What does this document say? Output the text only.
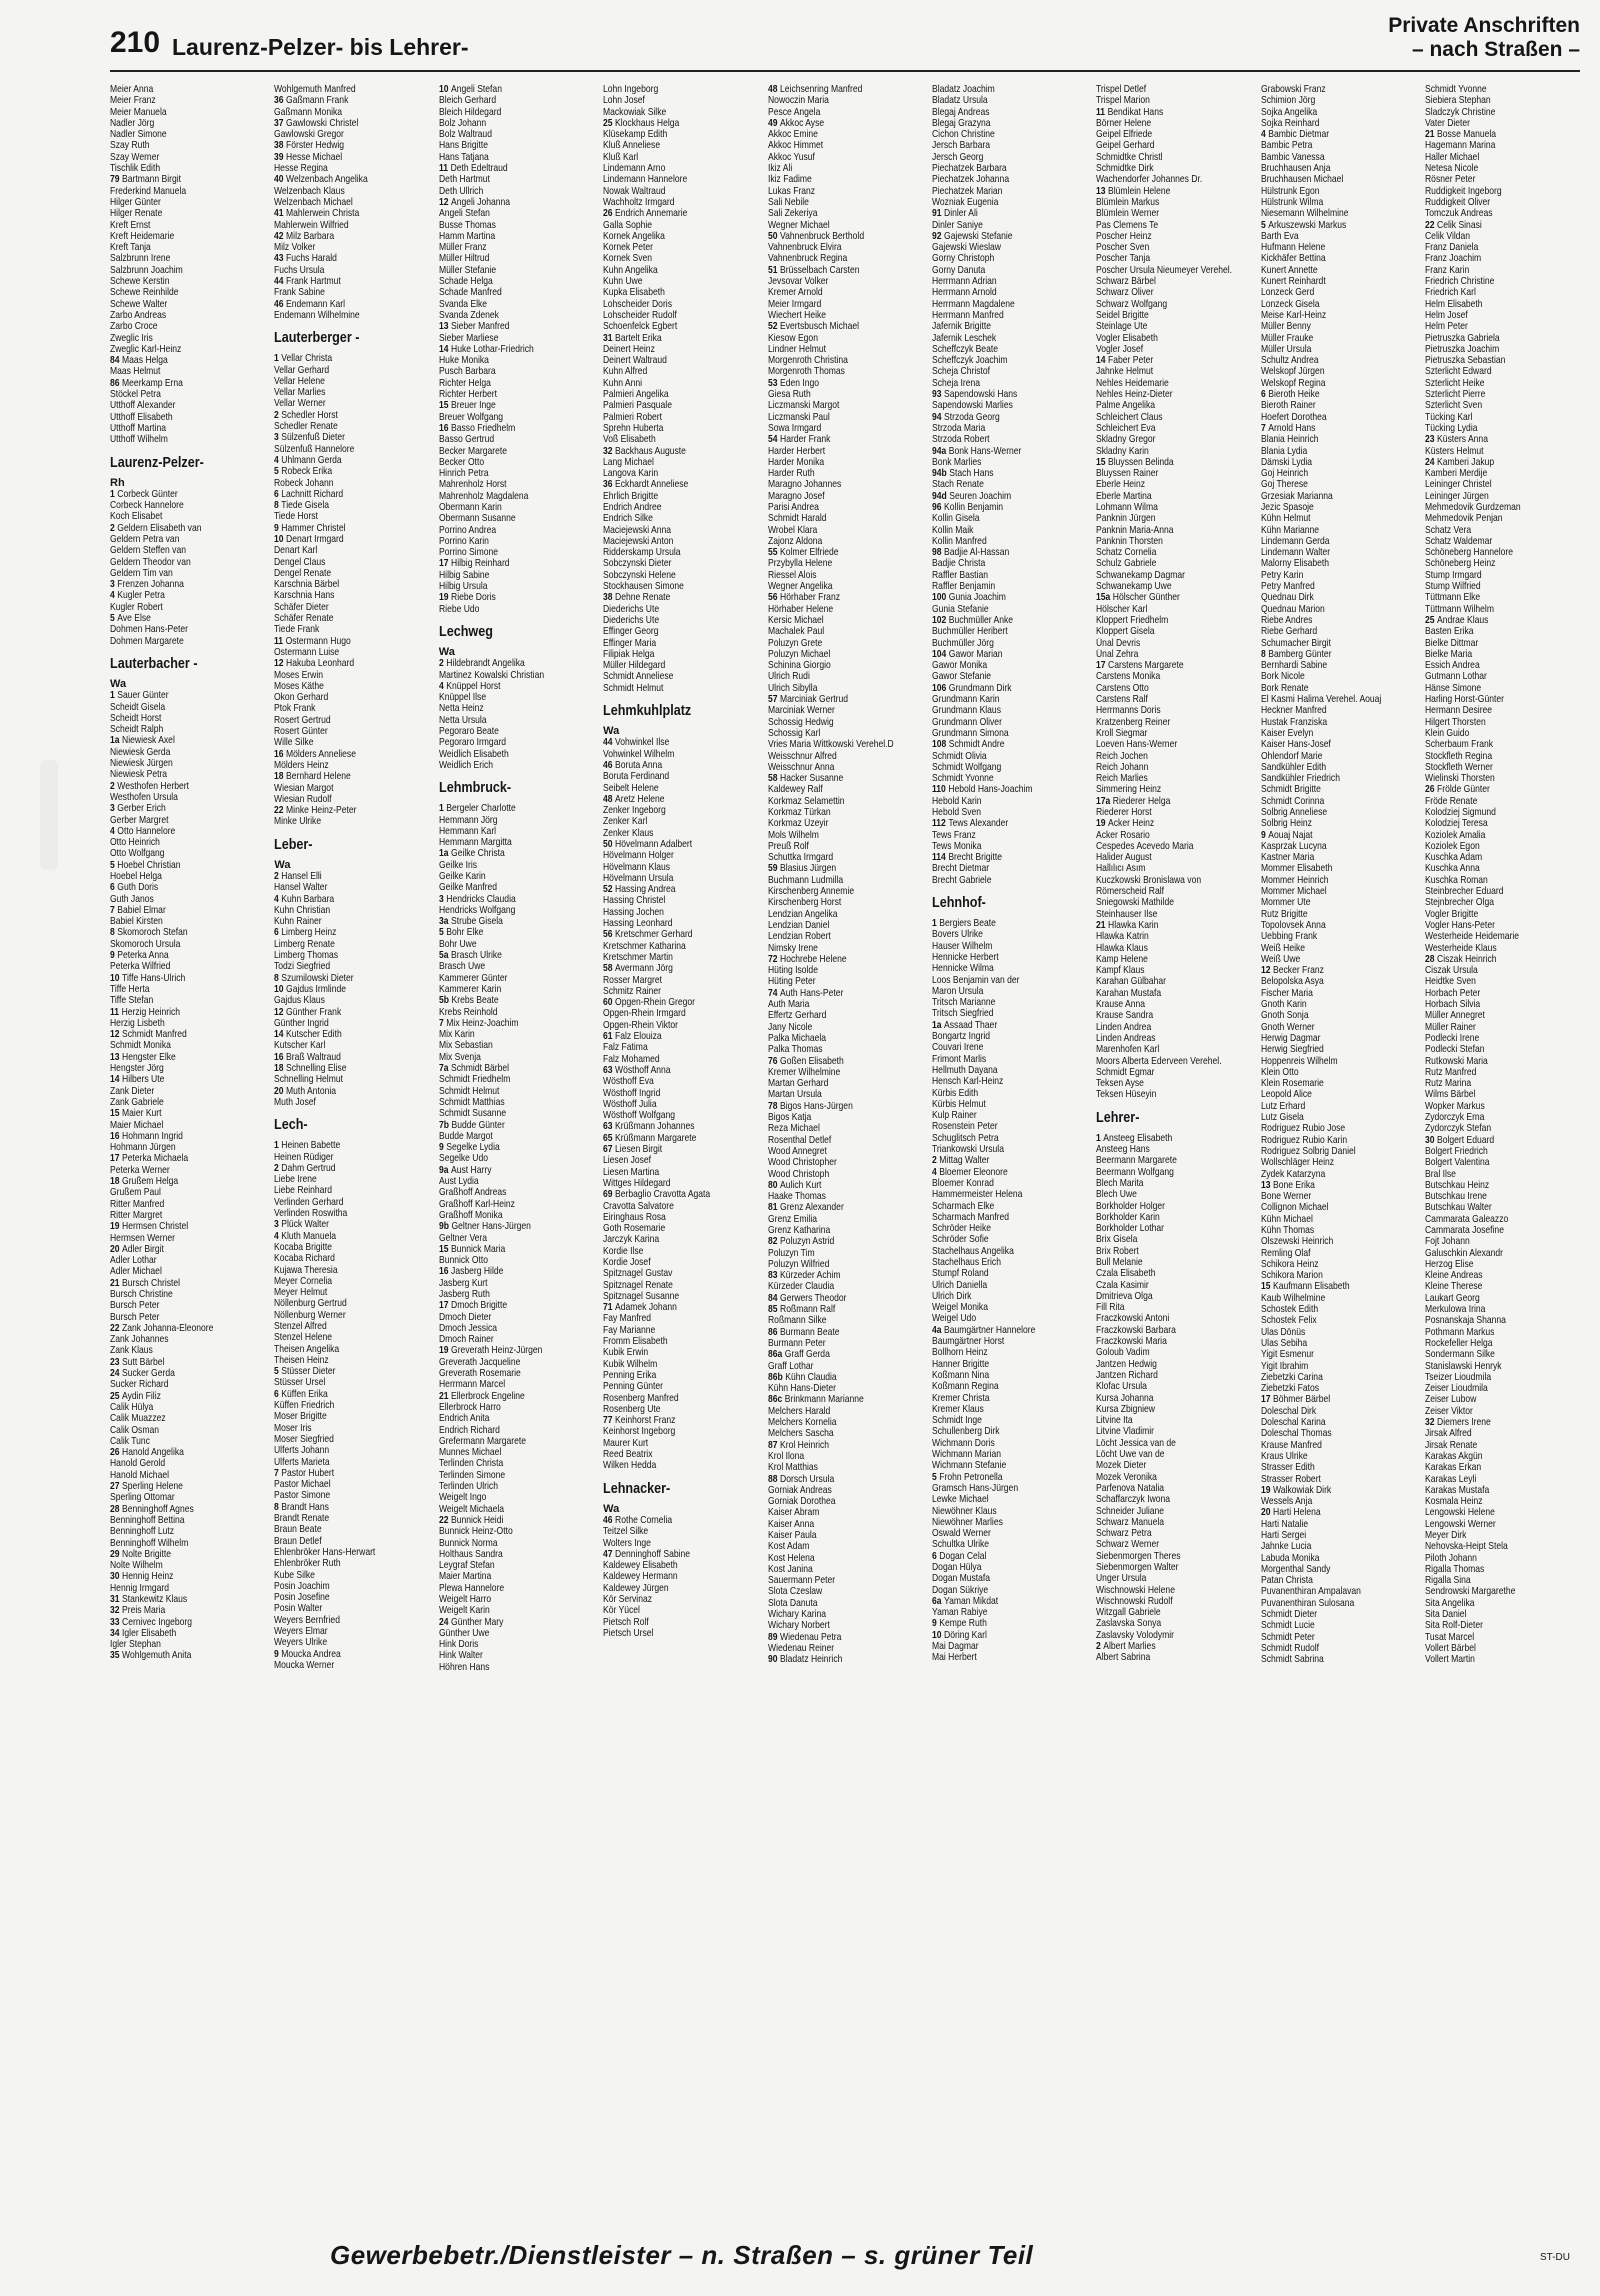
210 Laurenz-Pelzer- bis Lehrer-
Private Anschriften
– nach Straßen –
Meier Anna
Meier Franz
Meier Manuela
Nadler Jörg
Nadler Simone
Szay Ruth
Szay Werner
Tischlik Edith
79 Bartmann Birgit
Frederkind Manuela
Hilger Günter
Hilger Renate
Kreft Ernst
Kreft Heidemarie
Kreft Tanja
Salzbrunn Irene
Salzbrunn Joachim
Schewe Kerstin
Schewe Reinhilde
Schewe Walter
Zarbo Andreas
Zarbo Croce
Zweglic Iris
Zweglic Karl-Heinz
84 Maas Helga
Maas Helmut
86 Meerkamp Erna
Stöckel Petra
Utthoff Alexander
Utthoff Elisabeth
Utthoff Martina
Utthoff Wilhelm
Laurenz-Pelzer-
Rh
1 Corbeck Günter
Corbeck Hannelore
Koch Elisabet
2 Geldern Elisabeth van
Geldern Petra van
Geldern Steffen van
Geldern Theodor van
Geldern Tim van
3 Frenzen Johanna
4 Kugler Petra
Kugler Robert
5 Ave Else
Dohmen Hans-Peter
Dohmen Margarete
Lauterbacher -
Wa
1 Sauer Günter
Scheidt Gisela
Scheidt Horst
Scheidt Ralph
1a Niewiesk Axel
Niewiesk Gerda
Niewiesk Jürgen
Niewiesk Petra
2 Westhofen Herbert
Westhofen Ursula
3 Gerber Erich
Gerber Margret
4 Otto Hannelore
Otto Heinrich
Otto Wolfgang
5 Hoebel Christian
Hoebel Helga
6 Guth Doris
Guth Janos
7 Babiel Elmar
Babiel Kirsten
8 Skomoroch Stefan
Skomoroch Ursula
9 Peterka Anna
Peterka Wilfried
10 Tiffe Hans-Ulrich
Tiffe Herta
Tiffe Stefan
11 Herzig Heinrich
Herzig Lisbeth
12 Schmidt Manfred
Schmidt Monika
13 Hengster Elke
Hengster Jörg
14 Hilbers Ute
Zank Dieter
Zank Gabriele
15 Maier Kurt
Maier Michael
16 Hohmann Ingrid
Hohmann Jürgen
17 Peterka Michaela
Peterka Werner
18 Grußem Helga
Grußem Paul
Ritter Manfred
Ritter Margret
19 Hermsen Christel
Hermsen Werner
20 Adler Birgit
Adler Lothar
Adler Michael
21 Bursch Christel
Bursch Christine
Bursch Peter
Bursch Peter
22 Zank Johanna-Eleonore
Zank Johannes
Zank Klaus
23 Sutt Bärbel
24 Sucker Gerda
Sucker Richard
25 Aydin Filiz
Calik Hülya
Calik Muazzez
Calik Osman
Calik Tunc
26 Hanold Angelika
Hanold Gerold
Hanold Michael
27 Sperling Helene
Sperling Ottomar
28 Benninghoff Agnes
Benninghoff Bettina
Benninghoff Lutz
Benninghoff Wilhelm
29 Nolte Brigitte
Nolte Wilhelm
30 Hennig Heinz
Hennig Irmgard
31 Stankewitz Klaus
32 Preis Maria
33 Cernivec Ingeborg
34 Igler Elisabeth
Igler Stephan
35 Wohlgemuth Anita
Wohlgemuth Manfred
36 Gaßmann Frank
Gaßmann Monika
37 Gawlowski Christel
Gawlowski Gregor
38 Förster Hedwig
39 Hesse Michael
Hesse Regina
40 Welzenbach Angelika
Welzenbach Klaus
Welzenbach Michael
41 Mahlerwein Christa
Mahlerwein Wilfried
42 Milz Barbara
Milz Volker
43 Fuchs Harald
Fuchs Ursula
44 Frank Hartmut
Frank Sabine
46 Endemann Karl
Endemann Wilhelmine
Lauterberger -
1 Vellar Christa
Vellar Gerhard
Vellar Helene
Vellar Marlies
Vellar Werner
2 Schedler Horst
Schedler Renate
3 Sülzenfuß Dieter
Sülzenfuß Hannelore
4 Uhlmann Gerda
5 Robeck Erika
Robeck Johann
6 Lachnitt Richard
8 Tiede Gisela
Tiede Horst
9 Hammer Christel
10 Denart Irmgard
Denart Karl
Dengel Claus
Dengel Renate
Karschnia Bärbel
Karschnia Hans
Schäfer Dieter
Schäfer Renate
Tiede Frank
11 Ostermann Hugo
Ostermann Luise
12 Hakuba Leonhard
Moses Erwin
Moses Käthe
Okon Gerhard
Ptok Frank
Rosert Gertrud
Rosert Günter
Wille Silke
16 Mölders Anneliese
Mölders Heinz
18 Bernhard Helene
Wiesian Margot
Wiesian Rudolf
22 Minke Heinz-Peter
Minke Ulrike
Leber-
Wa
2 Hansel Elli
Hansel Walter
4 Kuhn Barbara
Kuhn Christian
Kuhn Rainer
6 Limberg Heinz
Limberg Renate
Limberg Thomas
Todzi Siegfried
8 Szumilowski Dieter
10 Gajdus Irmlinde
Gajdus Klaus
12 Günther Frank
Günther Ingrid
14 Kutscher Edith
Kutscher Karl
16 Braß Waltraud
18 Schnelling Elise
Schnelling Helmut
20 Muth Antonia
Muth Josef
Lech-
1 Heinen Babette
Heinen Rüdiger
2 Dahm Gertrud
Liebe Irene
Liebe Reinhard
Verlinden Gerhard
Verlinden Roswitha
3 Plück Walter
4 Kluth Manuela
Kocaba Brigitte
Kocaba Richard
Kujawa Theresia
Meyer Cornelia
Meyer Helmut
Nöllenburg Gertrud
Nöllenburg Werner
Stenzel Alfred
Stenzel Helene
Theisen Angelika
Theisen Heinz
5 Stüsser Dieter
Stüsser Ursel
6 Küffen Erika
Küffen Friedrich
Moser Brigitte
Moser Iris
Moser Siegfried
Ulferts Johann
Ulferts Marieta
7 Pastor Hubert
Pastor Michael
Pastor Simone
8 Brandt Hans
Brandt Renate
Braun Beate
Braun Detlef
Ehlenbröker Hans-Herwart
Ehlenbröker Ruth
Kube Silke
Posin Joachim
Posin Josefine
Posin Walter
Weyers Bernfried
Weyers Elmar
Weyers Ulrike
9 Moucka Andrea
Moucka Werner
10 Angeli Stefan
Bleich Gerhard
Bleich Hildegard
Bolz Johann
Bolz Waltraud
Hans Brigitte
Hans Tatjana
11 Deth Edeltraud
Deth Hartmut
Deth Ullrich
12 Angeli Johanna
Angeli Stefan
Busse Thomas
Hamm Martina
Müller Franz
Müller Hiltrud
Müller Stefanie
Schade Helga
Schade Manfred
Svanda Elke
Svanda Zdenek
13 Sieber Manfred
Sieber Marliese
14 Huke Lothar-Friedrich
Huke Monika
Pusch Barbara
Richter Helga
Richter Herbert
15 Breuer Inge
Breuer Wolfgang
16 Basso Friedhelm
Basso Gertrud
Becker Margarete
Becker Otto
Hinrich Petra
Mahrenholz Horst
Mahrenholz Magdalena
Obermann Karin
Obermann Susanne
Porrino Andrea
Porrino Karin
Porrino Simone
17 Hilbig Reinhard
Hilbig Sabine
Hilbig Ursula
19 Riebe Doris
Riebe Udo
Lechweg
Wa
2 Hildebrandt Angelika
Martinez Kowalski Christian
4 Knüppel Horst
Knüppel Ilse
Netta Heinz
Netta Ursula
Pegoraro Beate
Pegoraro Irmgard
Weidlich Elisabeth
Weidlich Erich
Lehmbruck-
1 Bergeler Charlotte
Hemmann Jörg
Hemmann Karl
Hemmann Margitta
1a Geilke Christa
Geilke Iris
Geilke Karin
Geilke Manfred
3 Hendricks Claudia
Hendricks Wolfgang
3a Strube Gisela
5 Bohr Elke
Bohr Uwe
5a Brasch Ulrike
Brasch Uwe
Kammerer Günter
Kammerer Karin
5b Krebs Beate
Krebs Reinhold
7 Mix Heinz-Joachim
Mix Karin
Mix Sebastian
Mix Svenja
7a Schmidt Bärbel
Schmidt Friedhelm
Schmidt Helmut
Schmidt Matthias
Schmidt Susanne
7b Budde Günter
Budde Margot
9 Segelke Lydia
Segelke Udo
9a Aust Harry
Aust Lydia
Graßhoff Andreas
Graßhoff Karl-Heinz
Graßhoff Monika
9b Geltner Hans-Jürgen
Geltner Vera
15 Bunnick Maria
Bunnick Otto
16 Jasberg Hilde
Jasberg Kurt
Jasberg Ruth
17 Dmoch Brigitte
Dmoch Dieter
Dmoch Jessica
Dmoch Rainer
19 Greverath Heinz-Jürgen
Greverath Jacqueline
Greverath Rosemarie
Herrmann Marcel
21 Ellerbrock Engeline
Ellerbrock Harro
Endrich Anita
Endrich Richard
Grefermann Margarete
Munnes Michael
Terlinden Christa
Terlinden Simone
Terlinden Ulrich
Weigelt Ingo
Weigelt Michaela
22 Bunnick Heidi
Bunnick Heinz-Otto
Bunnick Norma
Holthaus Sandra
Leygraf Stefan
Maier Martina
Plewa Hannelore
Weigelt Harro
Weigelt Karin
24 Günther Mary
Günther Uwe
Hink Doris
Hink Walter
Höhren Hans
Lohn Ingeborg
Lohn Josef
Mackowiak Silke
25 Klockhaus Helga
Klüsekamp Edith
Kluß Anneliese
Kluß Karl
Lindemann Arno
Lindemann Hannelore
Nowak Waltraud
Wachholtz Irmgard
26 Endrich Annemarie
Galla Sophie
Kornek Angelika
Kornek Peter
Kornek Sven
Kuhn Angelika
Kuhn Uwe
Kupka Elisabeth
Lohscheider Doris
Lohscheider Rudolf
Schoenfelck Egbert
31 Bartelt Erika
Deinert Heinz
Deinert Waltraud
Kuhn Alfred
Kuhn Anni
Palmieri Angelika
Palmieri Pasquale
Palmieri Robert
Sprehn Huberta
Voß Elisabeth
32 Backhaus Auguste
Lang Michael
Langova Karin
36 Eckhardt Anneliese
Ehrlich Brigitte
Endrich Andree
Endrich Silke
Maciejewski Anna
Maciejewski Anton
Ridderskamp Ursula
Sobczynski Dieter
Sobczynski Helene
Stockhausen Simone
38 Dehne Renate
Diederichs Ute
Diederichs Ute
Effinger Georg
Effinger Maria
Filipiak Helga
Müller Hildegard
Schmidt Anneliese
Schmidt Helmut
Lehmkuhlplatz
Wa
44 Vohwinkel Ilse
Vohwinkel Wilhelm
46 Boruta Anna
Boruta Ferdinand
Seibelt Helene
48 Aretz Helene
Zenker Ingeborg
Zenker Karl
Zenker Klaus
50 Hövelmann Adalbert
Hövelmann Holger
Hövelmann Klaus
Hövelmann Ursula
52 Hassing Andrea
Hassing Christel
Hassing Jochen
Hassing Leonhard
56 Kretschmer Gerhard
Kretschmer Katharina
Kretschmer Martin
58 Avermann Jörg
Rosser Margret
Schmitz Rainer
60 Opgen-Rhein Gregor
Opgen-Rhein Irmgard
Opgen-Rhein Viktor
61 Falz Elouiza
Falz Fatima
Falz Mohamed
63 Wösthoff Anna
Wösthoff Eva
Wösthoff Ingrid
Wösthoff Julia
Wösthoff Wolfgang
63 Krüßmann Johannes
65 Krüßmann Margarete
67 Liesen Birgit
Liesen Josef
Liesen Martina
Wittges Hildegard
69 Berbaglio Cravotta Agata
Cravotta Salvatore
Eiringhaus Rosa
Goth Rosemarie
Jarczyk Karina
Kordie Ilse
Kordie Josef
Spitznagel Gustav
Spitznagel Renate
Spitznagel Susanne
71 Adamek Johann
Fay Manfred
Fay Marianne
Fromm Elisabeth
Kubik Erwin
Kubik Wilhelm
Penning Erika
Penning Günter
Rosenberg Manfred
Rosenberg Ute
77 Keinhorst Franz
Keinhorst Ingeborg
Maurer Kurt
Reed Beatrix
Wilken Hedda
Lehnacker-
Wa
46 Rothe Cornelia
Teitzel Silke
Wolters Inge
47 Denninghoff Sabine
Kaldewey Elisabeth
Kaldewey Hermann
Kaldewey Jürgen
Kör Servinaz
Kör Yücel
Pietsch Rolf
Pietsch Ursel
48 Leichsenring Manfred
Nowoczin Maria
Pesce Angela
49 Akkoc Ayse
Akkoc Emine
Akkoc Himmet
Akkoc Yusuf
Ikiz Ali
Ikiz Fadime
Lukas Franz
Sali Nebile
Sali Zekeriya
Wegner Michael
50 Vahnenbruck Berthold
Vahnenbruck Elvira
Vahnenbruck Regina
51 Brüsselbach Carsten
Jevsovar Volker
Kremer Arnold
Meier Irmgard
Wiechert Heike
52 Evertsbusch Michael
Kiesow Egon
Lindner Helmut
Morgenroth Christina
Morgenroth Thomas
53 Eden Ingo
Giesa Ruth
Liczmanski Margot
Liczmanski Paul
Sowa Irmgard
54 Harder Frank
Harder Herbert
Harder Monika
Harder Ruth
Maragno Johannes
Maragno Josef
Parisi Andrea
Schmidt Harald
Wrobel Klara
Zajonz Aldona
55 Kolmer Elfriede
Przybylla Helene
Riessel Alois
Wegner Angelika
56 Hörhaber Franz
Hörhaber Helene
Kersic Michael
Machalek Paul
Poluzyn Grete
Poluzyn Michael
Schinina Giorgio
Ulrich Rudi
Ulrich Sibylla
57 Marciniak Gertrud
Marciniak Werner
Schossig Hedwig
Schossig Karl
Vries Maria Wittkowski Verehel.D
Weisschnur Alfred
Weisschnur Anna
58 Hacker Susanne
Kaldewey Ralf
Korkmaz Selamettin
Korkmaz Türkan
Korkmaz Üzeyir
Mols Wilhelm
Preuß Rolf
Schuttka Irmgard
59 Blasius Jürgen
Buchmann Ludmilla
Kirschenberg Annemie
Kirschenberg Horst
Lendzian Angelika
Lendzian Daniel
Lendzian Robert
Nimsky Irene
72 Hochrebe Helene
Hüting Isolde
Hüting Peter
74 Auth Hans-Peter
Auth Maria
Effertz Gerhard
Jany Nicole
Palka Michaela
Palka Thomas
76 Goßen Elisabeth
Kremer Wilhelmine
Martan Gerhard
Martan Ursula
78 Bigos Hans-Jürgen
Bigos Katja
Reza Michael
Rosenthal Detlef
Wood Annegret
Wood Christopher
Wood Christoph
80 Aulich Kurt
Haake Thomas
81 Grenz Alexander
Grenz Emilia
Grenz Katharina
82 Poluzyn Astrid
Poluzyn Tim
Poluzyn Wilfried
83 Kürzeder Achim
Kürzeder Claudia
84 Gerwers Theodor
85 Roßmann Ralf
Roßmann Silke
86 Burmann Beate
Burmann Peter
86a Graff Gerda
Graff Lothar
86b Kühn Claudia
Kühn Hans-Dieter
86c Brinkmann Marianne
Melchers Harald
Melchers Kornelia
Melchers Sascha
87 Krol Heinrich
Krol Ilona
Krol Matthias
88 Dorsch Ursula
Gorniak Andreas
Gorniak Dorothea
Kaiser Abram
Kaiser Anna
Kaiser Paula
Kost Adam
Kost Helena
Kost Janina
Sauermann Peter
Slota Czeslaw
Slota Danuta
Wichary Karina
Wichary Norbert
89 Wiedenau Petra
Wiedenau Reiner
90 Bladatz Heinrich
Bladatz Joachim
Bladatz Ursula
Blegaj Andreas
Blegaj Grazyna
Cichon Christine
Jersch Barbara
Jersch Georg
Piechatzek Barbara
Piechatzek Johanna
Piechatzek Marian
Wozniak Eugenia
91 Dinler Ali
Dinler Saniye
92 Gajewski Stefanie
Gajewski Wieslaw
Gorny Christoph
Gorny Danuta
Herrmann Adrian
Herrmann Arnold
Herrmann Magdalene
Herrmann Manfred
Jafernik Brigitte
Jafernik Leschek
Scheffczyk Beate
Scheffczyk Joachim
Scheja Christof
Scheja Irena
93 Sapendowski Hans
Sapendowski Marlies
94 Strzoda Georg
Strzoda Maria
Strzoda Robert
94a Bonk Hans-Werner
Bonk Marlies
94b Stach Hans
Stach Renate
94d Seuren Joachim
96 Kollin Benjamin
Kollin Gisela
Kollin Maik
Kollin Manfred
98 Badjie Al-Hassan
Badjie Christa
Raffler Bastian
Raffler Benjamin
100 Gunia Joachim
Gunia Stefanie
102 Buchmüller Anke
Buchmüller Heribert
Buchmüller Jörg
104 Gawor Marian
Gawor Monika
Gawor Stefanie
106 Grundmann Dirk
Grundmann Karin
Grundmann Klaus
Grundmann Oliver
Grundmann Simona
108 Schmidt Andre
Schmidt Olivia
Schmidt Wolfgang
Schmidt Yvonne
110 Hebold Hans-Joachim
Hebold Karin
Hebold Sven
112 Tews Alexander
Tews Franz
Tews Monika
114 Brecht Brigitte
Brecht Dietmar
Brecht Gabriele
Lehnhof-
1 Bergiers Beate
Bovers Ulrike
Hauser Wilhelm
Hennicke Herbert
Hennicke Wilma
Loos Benjamin van der
Maron Ursula
Tritsch Marianne
Tritsch Siegfried
1a Assaad Thaer
Bongartz Ingrid
Couvari Irene
Frimont Marlis
Hellmuth Dayana
Hensch Karl-Heinz
Kürbis Edith
Kürbis Helmut
Kulp Rainer
Rosenstein Peter
Schuglitsch Petra
Triankowski Ursula
2 Mittag Walter
4 Bloemer Eleonore
Bloemer Konrad
Hammermeister Helena
Scharmach Elke
Scharmach Manfred
Schröder Heike
Schröder Sofie
Stachelhaus Angelika
Stachelhaus Erich
Stumpf Roland
Ulrich Daniella
Ulrich Dirk
Weigel Monika
Weigel Udo
4a Baumgärtner Hannelore
Baumgärtner Horst
Bollhorn Heinz
Hanner Brigitte
Koßmann Nina
Koßmann Regina
Kremer Christa
Kremer Klaus
Schmidt Inge
Schullenberg Dirk
Wichmann Doris
Wichmann Marian
Wichmann Stefanie
5 Frohn Petronella
Gramsch Hans-Jürgen
Lewke Michael
Niewöhner Klaus
Niewöhner Marlies
Oswald Werner
Schultka Ulrike
6 Dogan Celal
Dogan Hülya
Dogan Mustafa
Dogan Sükriye
6a Yaman Mikdat
Yaman Rabiye
9 Kempe Ruth
10 Döring Karl
Mai Dagmar
Mai Herbert
Trispel Detlef
Trispel Marion
11 Bendikat Hans
Börner Helene
Geipel Elfriede
Geipel Gerhard
Schmidtke Christl
Schmidtke Dirk
Wachendorfer Johannes Dr.
13 Blümlein Helene
Blümlein Markus
Blümlein Werner
Pas Clemens Te
Poscher Heinz
Poscher Sven
Poscher Tanja
Poscher Ursula Nieumeyer Verehel.
Schwarz Bärbel
Schwarz Oliver
Schwarz Wolfgang
Seidel Brigitte
Steinlage Ute
Vogler Elisabeth
Vogler Josef
14 Faber Peter
Jahnke Helmut
Nehles Heidemarie
Nehles Heinz-Dieter
Palme Angelika
Schleichert Claus
Schleichert Eva
Skladny Gregor
Skladny Karin
15 Bluyssen Belinda
Bluyssen Rainer
Eberle Heinz
Eberle Martina
Lohmann Wilma
Panknin Jürgen
Panknin Maria-Anna
Panknin Thorsten
Schatz Cornelia
Schulz Gabriele
Schwanekamp Dagmar
Schwanekamp Uwe
15a Hölscher Günther
Hölscher Karl
Kloppert Friedhelm
Kloppert Gisela
Ünal Devris
Ünal Zehra
17 Carstens Margarete
Carstens Monika
Carstens Otto
Carstens Ralf
Herrmanns Doris
Kratzenberg Reiner
Kroll Siegmar
Loeven Hans-Werner
Reich Jochen
Reich Johann
Reich Marlies
Simmering Heinz
17a Riederer Helga
Riederer Horst
19 Acker Heinz
Acker Rosario
Cespedes Acevedo Maria
Halider August
Hallılıcı Asım
Kuczkowski Bronislawa von
Römerscheid Ralf
Sniegowski Mathilde
Steinhauser Ilse
21 Hlawka Karin
Hlawka Katrin
Hlawka Klaus
Kamp Helene
Kampf Klaus
Karahan Gülbahar
Karahan Mustafa
Krause Anna
Krause Sandra
Linden Andrea
Linden Andreas
Marenhofen Karl
Moors Alberta Ederveen Verehel.
Schmidt Egmar
Teksen Ayse
Teksen Hüseyin
Lehrer-
1 Ansteeg Elisabeth
Ansteeg Hans
Beermann Margarete
Beermann Wolfgang
Blech Marita
Blech Uwe
Borkholder Holger
Borkholder Karin
Borkholder Lothar
Brix Gisela
Brix Robert
Bull Melanie
Czala Elisabeth
Czala Kasimir
Dmitrieva Olga
Fill Rita
Fraczkowski Antoni
Fraczkowski Barbara
Fraczkowski Maria
Goloub Vadim
Jantzen Hedwig
Jantzen Richard
Klofac Ursula
Kursa Johanna
Kursa Zbigniew
Litvine Ita
Litvine Vladimir
Löcht Jessica van de
Löcht Uwe van de
Mozek Dieter
Mozek Veronika
Parfenova Natalia
Schaffarczyk Iwona
Schneider Juliane
Schwarz Manuela
Schwarz Petra
Schwarz Werner
Siebenmorgen Theres
Siebenmorgen Walter
Unger Ursula
Wischnowski Helene
Wischnowski Rudolf
Witzgall Gabriele
Zaslavska Sonya
Zaslavsky Volodymir
2 Albert Marlies
Albert Sabrina
Grabowski Franz
Schimion Jörg
Sojka Angelika
Sojka Reinhard
4 Bambic Dietmar
Bambic Petra
Bambic Vanessa
Bruchhausen Anja
Bruchhausen Michael
Hülstrunk Egon
Hülstrunk Wilma
Niesemann Wilhelmine
5 Arkuszewski Markus
Barth Eva
Hufmann Helene
Kickhäfer Bettina
Kunert Annette
Kunert Reinhardt
Lonzeck Gerd
Lonzeck Gisela
Meise Karl-Heinz
Müller Benny
Müller Frauke
Müller Ursula
Schultz Andrea
Welskopf Jürgen
Welskopf Regina
6 Bieroth Heike
Bieroth Rainer
Hoefert Dorothea
7 Arnold Hans
Blania Heinrich
Blania Lydia
Dämski Lydia
Goj Heinrich
Goj Therese
Grzesiak Marianna
Jezic Spasoje
Kühn Helmut
Kühn Marianne
Lindemann Gerda
Lindemann Walter
Malorny Elisabeth
Petry Karin
Petry Manfred
Quednau Dirk
Quednau Marion
Riebe Andres
Riebe Gerhard
Schumacher Birgit
8 Bamberg Günter
Bernhardi Sabine
Bork Nicole
Bork Renate
El Kasmi Halima Verehel. Aouaj
Heckner Manfred
Hustak Franziska
Kaiser Evelyn
Kaiser Hans-Josef
Ohlendorf Marie
Sandkühler Edith
Sandkühler Friedrich
Schmidt Brigitte
Schmidt Corinna
Solbrig Anneliese
Solbrig Heinz
9 Aouaj Najat
Kasprzak Lucyna
Kastner Maria
Mommer Elisabeth
Mommer Heinrich
Mommer Michael
Mommer Ute
Rutz Brigitte
Topolovsek Anna
Uebbing Frank
Weiß Heike
Weiß Uwe
12 Becker Franz
Belopolska Asya
Fischer Maria
Gnoth Karin
Gnoth Sonja
Gnoth Werner
Herwig Dagmar
Herwig Siegfried
Hoppenreis Wilhelm
Klein Otto
Klein Rosemarie
Leopold Alice
Lutz Erhard
Lutz Gisela
Rodriguez Rubio Jose
Rodriguez Rubio Karin
Rodriguez Solbrig Daniel
Wollschläger Heinz
Zydek Katarzyna
13 Bone Erika
Bone Werner
Collignon Michael
Kühn Michael
Kühn Thomas
Olszewski Heinrich
Remling Olaf
Schikora Heinz
Schikora Marion
15 Kaufmann Elisabeth
Kaub Wilhelmine
Schostek Edith
Schostek Felix
Ulas Dönüs
Ulas Sebiha
Yigit Esmenur
Yigit Ibrahim
Ziebetzki Carina
Ziebetzki Fatos
17 Böhmer Bärbel
Doleschal Dirk
Doleschal Karina
Doleschal Thomas
Krause Manfred
Kraus Ulrike
Strasser Edith
Strasser Robert
19 Walkowiak Dirk
Wessels Anja
20 Harti Helena
Harti Natalie
Harti Sergei
Jahnke Lucia
Labuda Monika
Morgenthal Sandy
Patan Christa
Puvanenthiran Ampalavan
Puvanenthiran Sulosana
Schmidt Dieter
Schmidt Lucie
Schmidt Peter
Schmidt Rudolf
Schmidt Sabrina
Schmidt Yvonne
Siebiera Stephan
Sladczyk Christine
Vater Dieter
21 Bosse Manuela
Hagemann Marina
Haller Michael
Netesa Nicole
Rösner Peter
Ruddigkeit Ingeborg
Ruddigkeit Oliver
Tomczuk Andreas
22 Celik Sinasi
Celik Vildan
Franz Daniela
Franz Joachim
Franz Karin
Friedrich Christine
Friedrich Karl
Helm Elisabeth
Helm Josef
Helm Peter
Pietruszka Gabriela
Pietruszka Joachim
Pietruszka Sebastian
Szterlicht Edward
Szterlicht Heike
Szterlicht Pierre
Szterlicht Sven
Tücking Karl
Tücking Lydia
23 Küsters Anna
Küsters Helmut
24 Kamberi Jakup
Kamberi Merdije
Leininger Christel
Leininger Jürgen
Mehmedovik Gurdzeman
Mehmedovik Penjan
Schatz Vera
Schatz Waldemar
Schöneberg Hannelore
Schöneberg Heinz
Stump Irmgard
Stump Wilfried
Tüttmann Elke
Tüttmann Wilhelm
25 Andrae Klaus
Basten Erika
Bielke Dittmar
Bielke Maria
Essich Andrea
Gutmann Lothar
Hänse Simone
Harling Horst-Günter
Hermann Desiree
Hilgert Thorsten
Klein Guido
Scherbaum Frank
Stockfleth Regina
Stockfleth Werner
Wielinski Thorsten
26 Frölde Günter
Fröde Renate
Kolodziej Sigmund
Kolodziej Teresa
Koziolek Amalia
Koziolek Egon
Kuschka Adam
Kuschka Anna
Kuschka Roman
Steinbrecher Eduard
Stejnbrecher Olga
Vogler Brigitte
Vogler Hans-Peter
Westerheide Heidemarie
Westerheide Klaus
28 Ciszak Heinrich
Ciszak Ursula
Heidtke Sven
Horbach Peter
Horbach Silvia
Müller Annegret
Müller Rainer
Podlecki Irene
Podlecki Stefan
Rutkowski Maria
Rutz Manfred
Rutz Marina
Wilms Bärbel
Wopker Markus
Zydorczyk Erna
Zydorczyk Stefan
30 Bolgert Eduard
Bolgert Friedrich
Bolgert Valentina
Bral Ilse
Butschkau Heinz
Butschkau Irene
Butschkau Walter
Cammarata Galeazzo
Cammarata Josefine
Fojt Johann
Galuschkin Alexandr
Herzog Elise
Kleine Andreas
Kleine Therese
Laukart Georg
Merkulowa Irina
Posnanskaja Shanna
Pothmann Markus
Rockefeller Helga
Sondermann Silke
Stanislawski Henryk
Tseizer Lioudmila
Zeiser Lioudmila
Zeiser Lubow
Zeiser Viktor
32 Diemers Irene
Jirsak Alfred
Jirsak Renate
Karakas Akgün
Karakas Erkan
Karakas Leyli
Karakas Mustafa
Kosmala Heinz
Lengowski Helene
Lengowski Werner
Meyer Dirk
Nehovska-Heipt Stela
Piloth Johann
Rigalla Thomas
Rigalla Sina
Sendrowski Margarethe
Sita Angelika
Sita Daniel
Sita Rolf-Dieter
Tusat Marcel
Vollert Bärbel
Vollert Martin
Gewerbebetr./Dienstleister – n. Straßen – s. grüner Teil	ST-DU
